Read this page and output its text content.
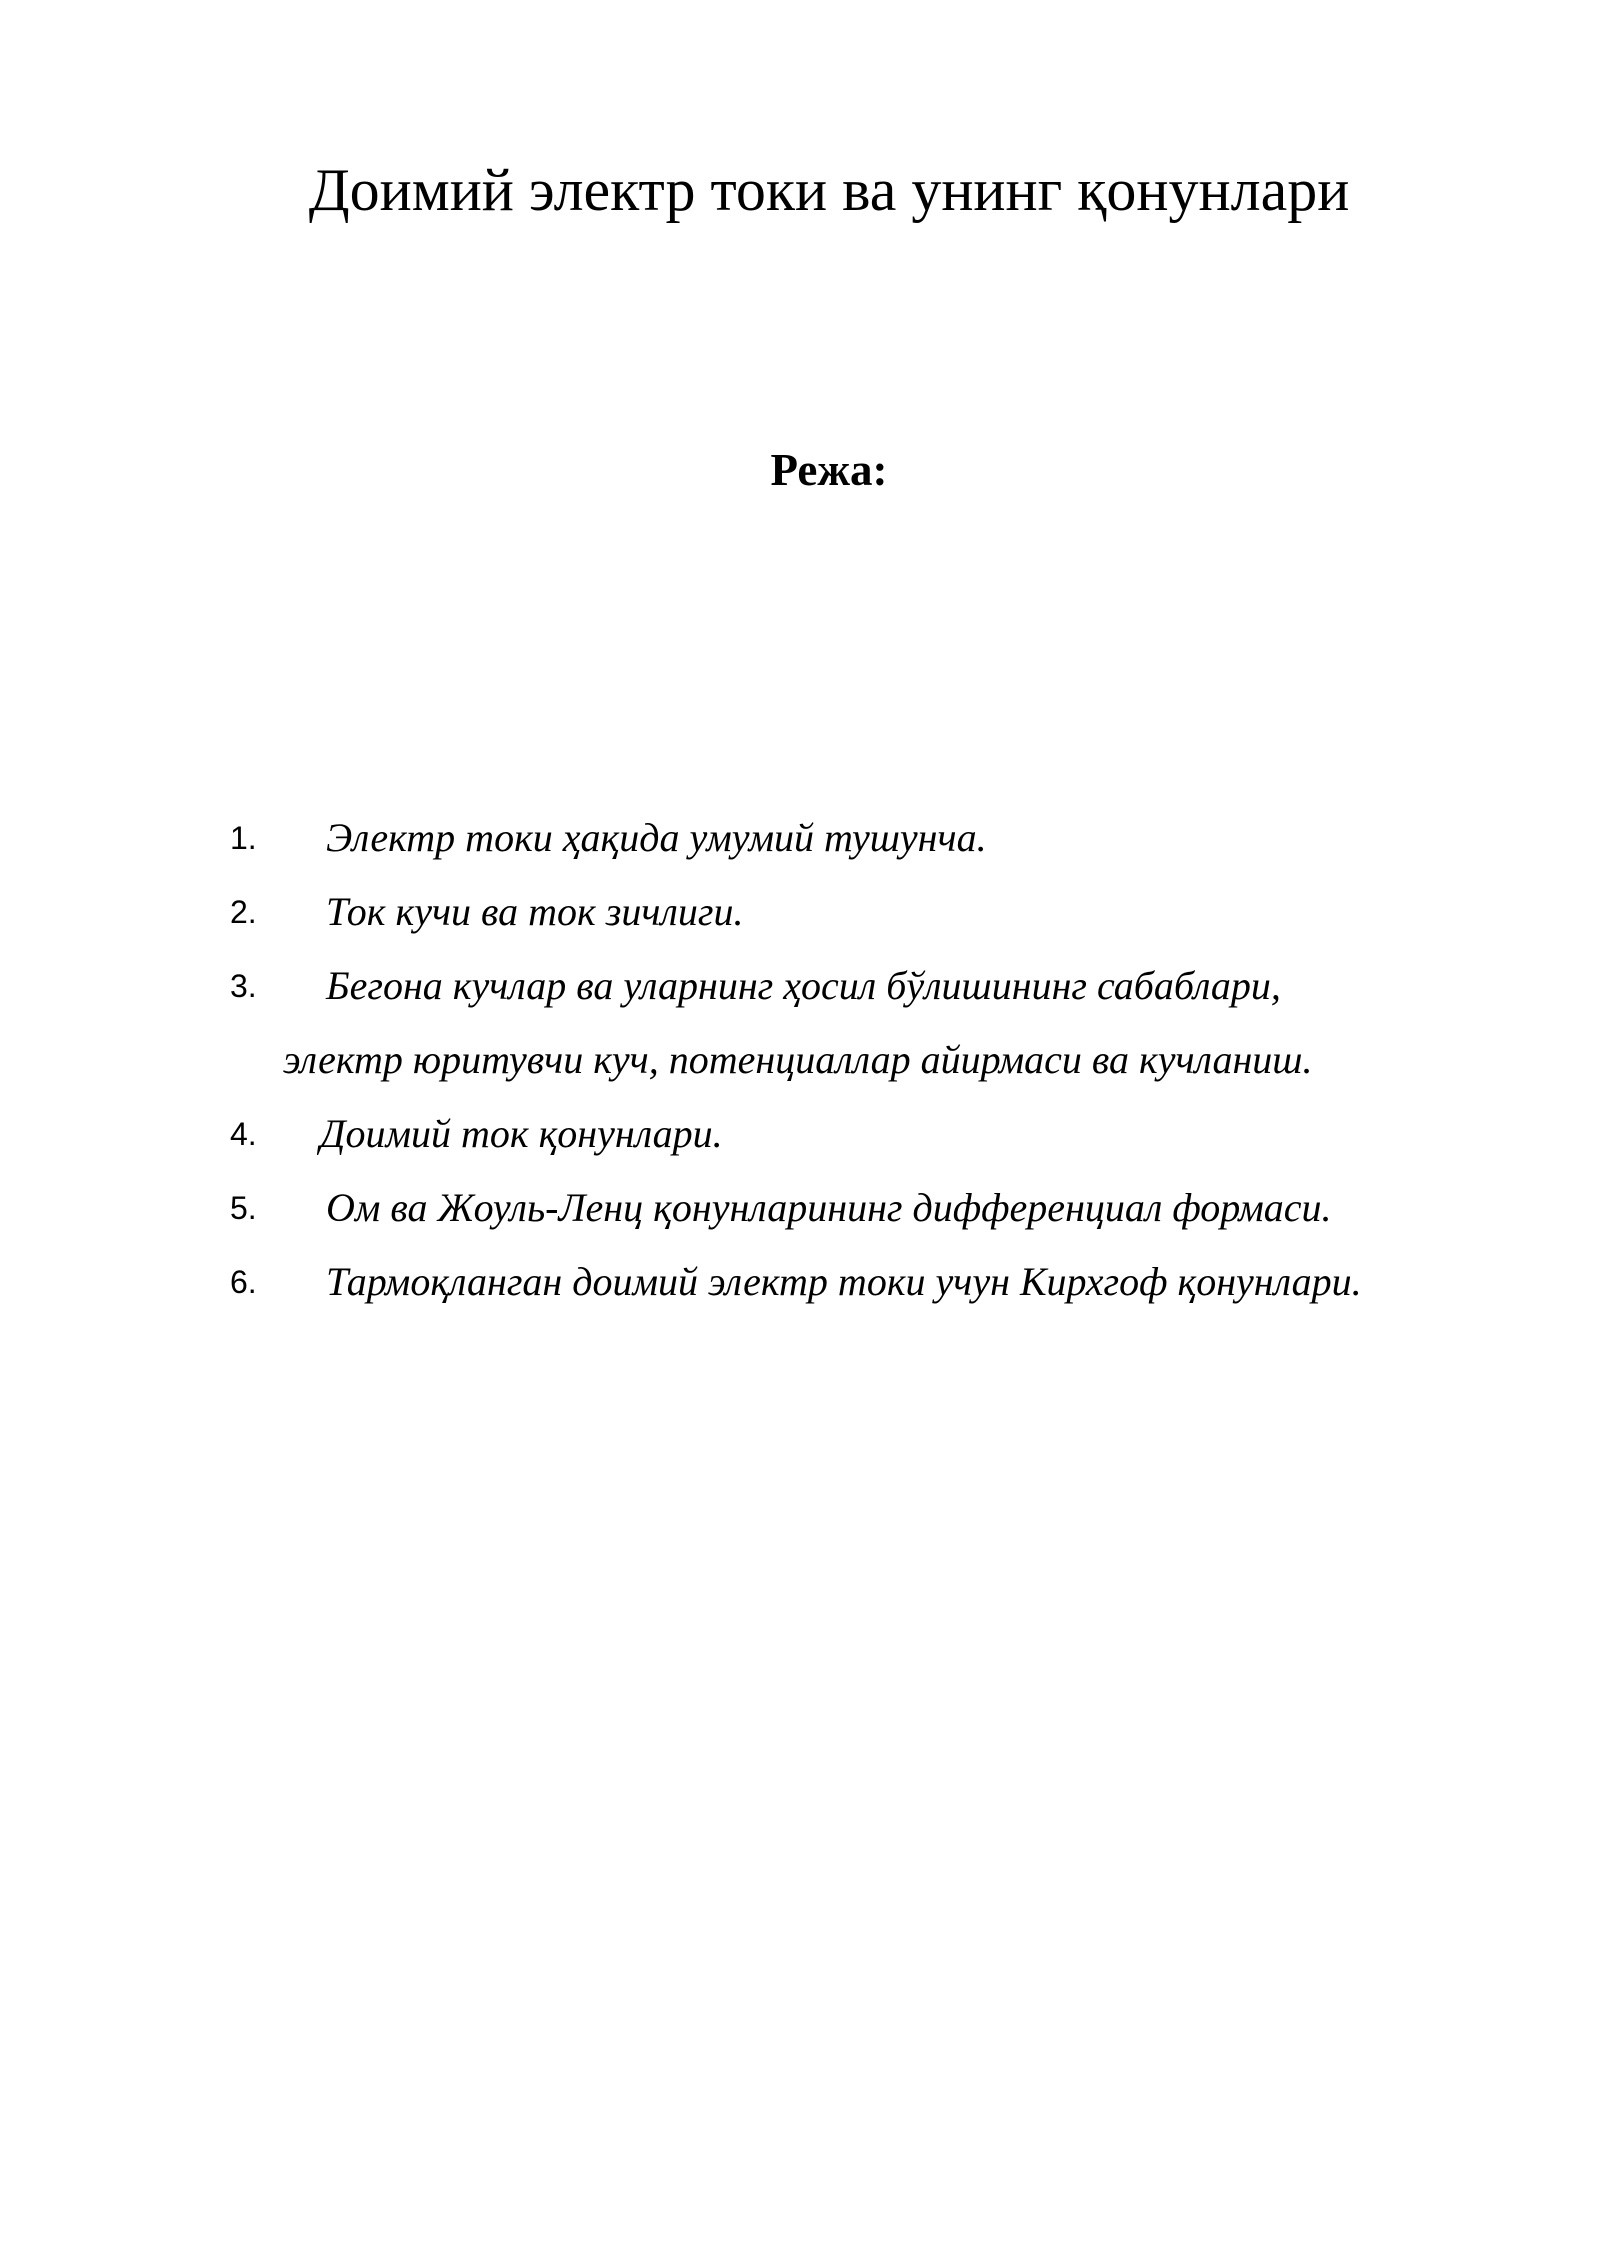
Доимий электр токи ва унинг қонунлари
Режа:
1. Электр токи ҳақида умумий тушунча.
2. Ток кучи ва ток зичлиги.
3. Бегона кучлар ва уларнинг ҳосил бўлишининг сабаблари,
электр юритувчи куч, потенциаллар айирмаси ва кучланиш.
4. Доимий ток қонунлари.
5. Ом ва Жоуль-Ленц қонунларининг дифференциал формаси.
6. Тармоқланган доимий электр токи учун Кирхгоф қонунлари.
